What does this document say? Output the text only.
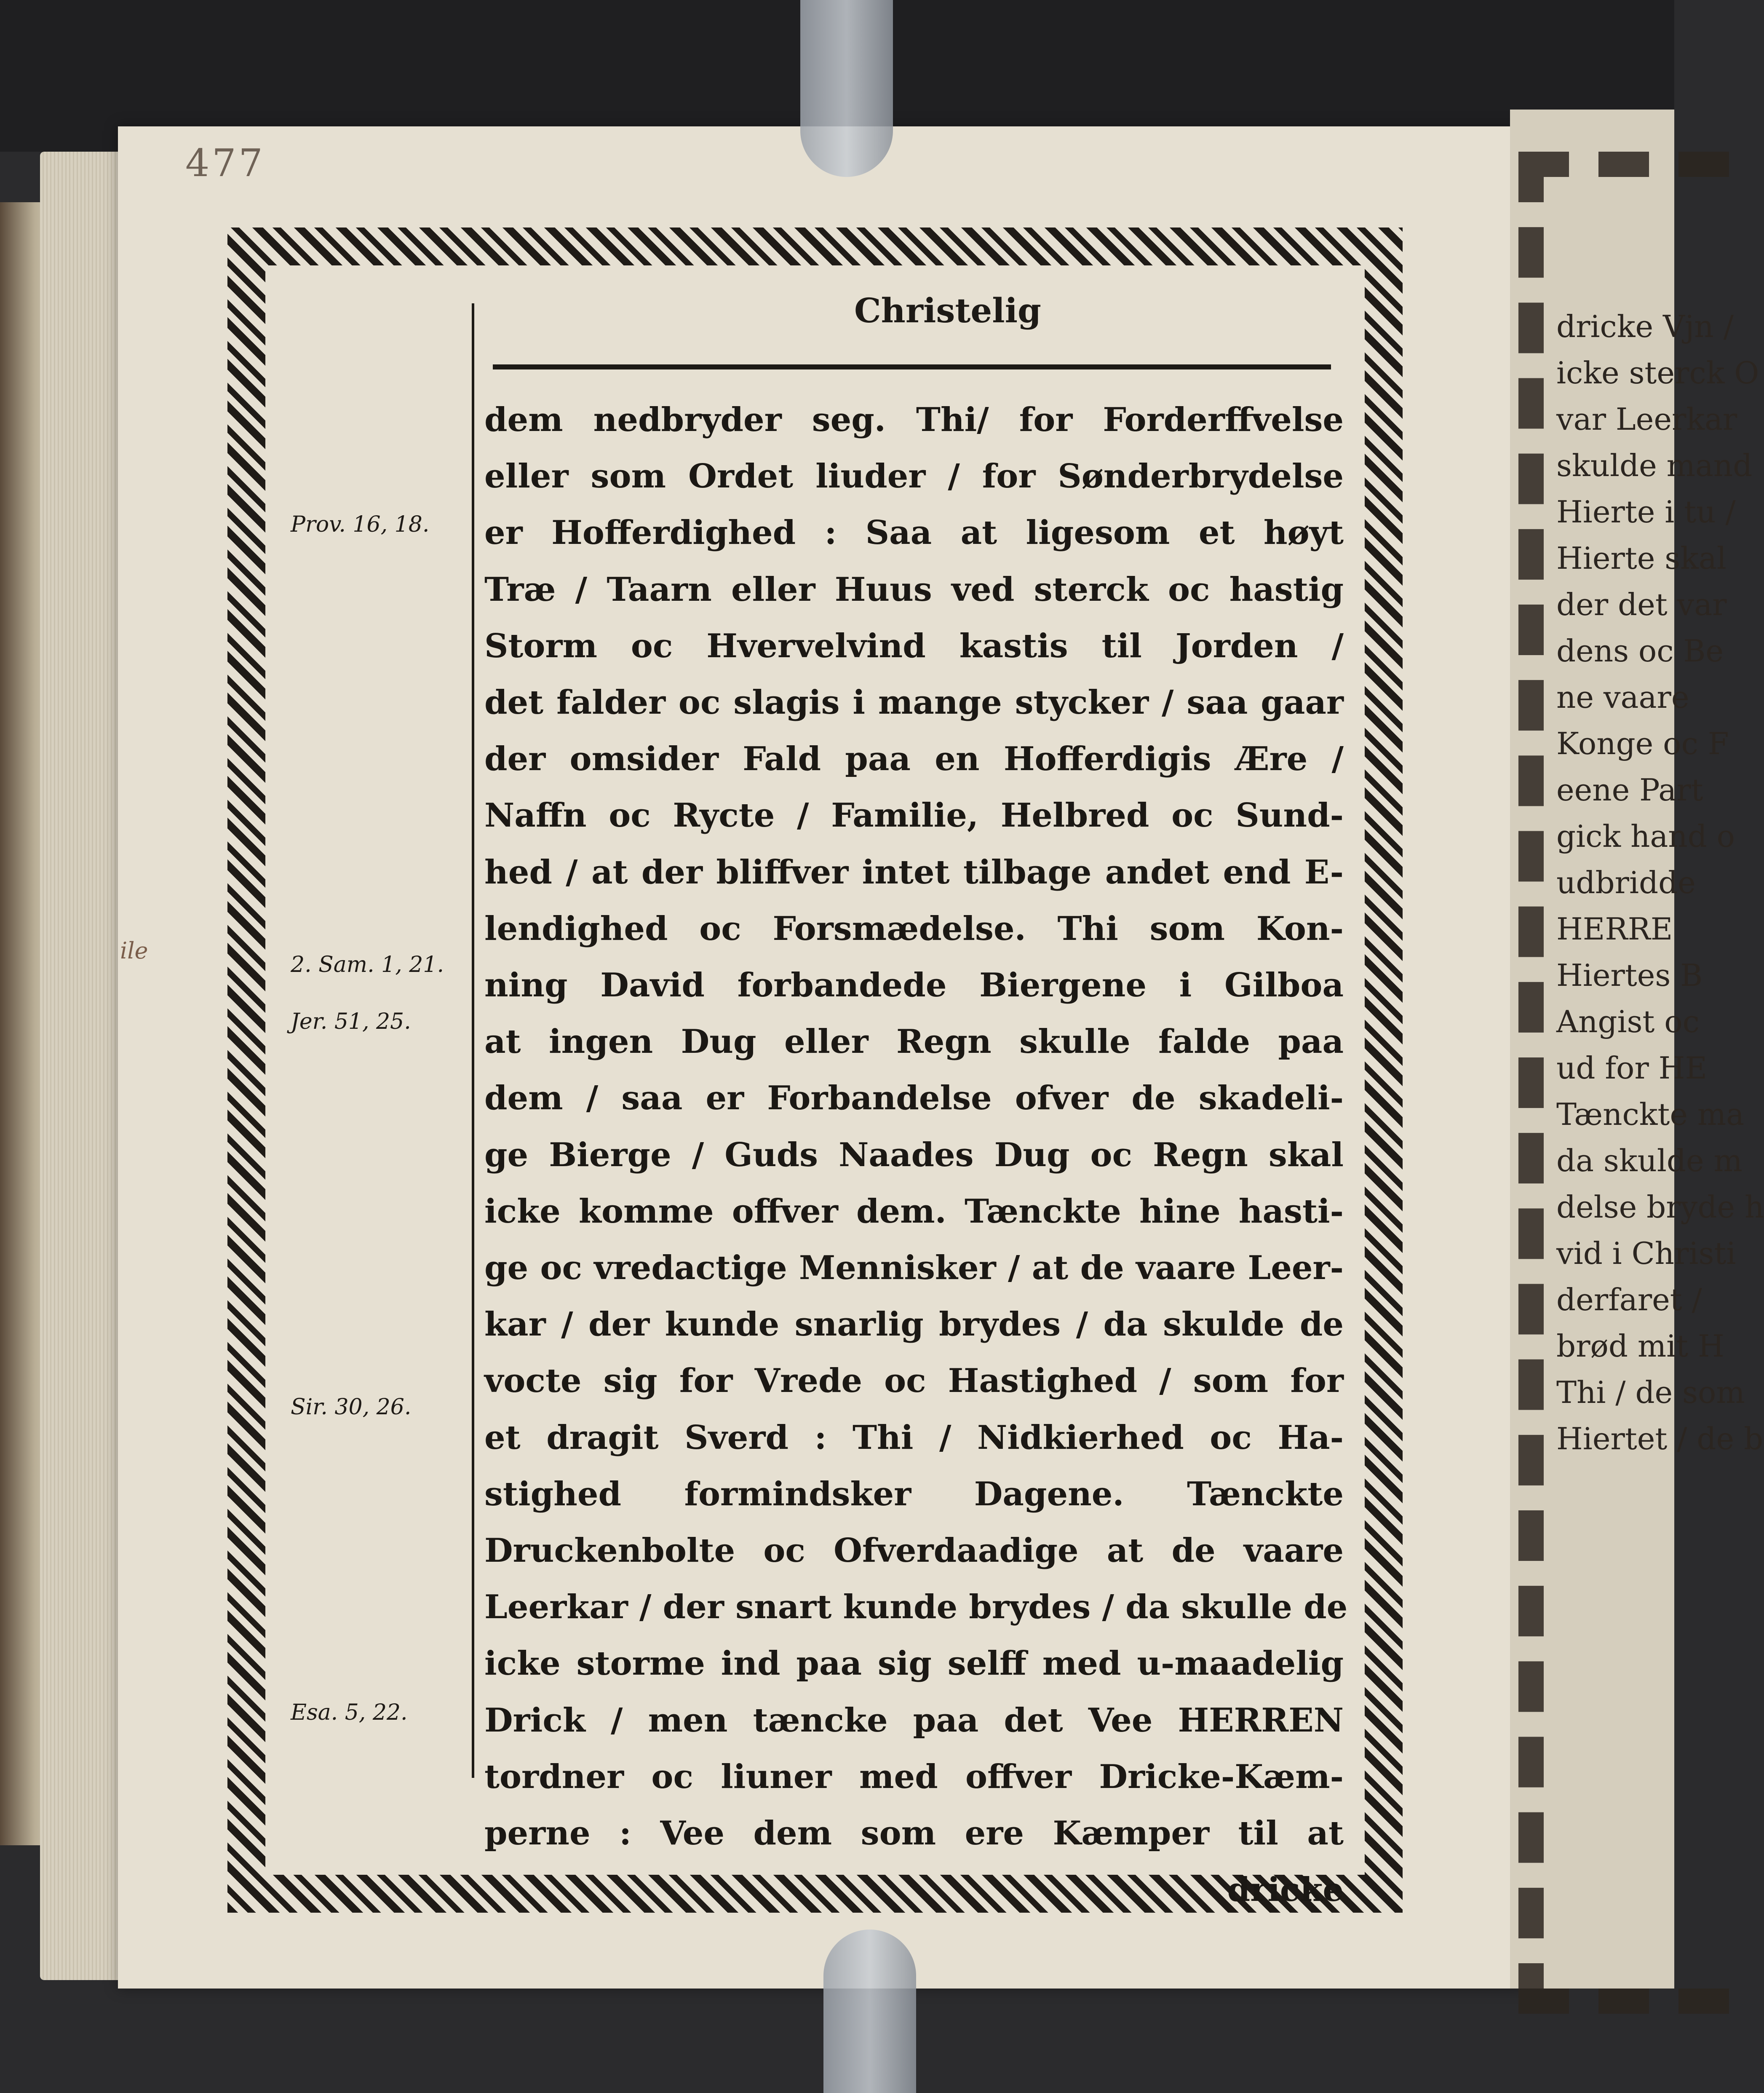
dricke Vjn /
icke sterck O
var Leerkar
skulde mand
Hierte i tu /
Hierte skal
der det var
dens oc Be
ne vaare
Konge oc F
eene Part
gick hand o
udbridde
HERRE
Hiertes B
Angist oc
ud for HE
Tænckte ma
da skulde m
delse bryde h
vid i Christi
derfaret /
brød mit H
Thi / de som
Hiertet / de b
477
ile
Christelig
Prov. 16, 18.
2. Sam. 1, 21.
Jer. 51, 25.
Sir. 30, 26.
Esa. 5, 22.
dem nedbryder seg. Thi/ for Forderffvelse
eller som Ordet liuder / for Sønderbrydelse
er Hofferdighed : Saa at ligesom et høyt
Træ / Taarn eller Huus ved sterck oc hastig
Storm oc Hvervelvind kastis til Jorden /
det falder oc slagis i mange stycker / saa gaar
der omsider Fald paa en Hofferdigis Ære /
Naffn oc Rycte / Familie, Helbred oc Sund-
hed / at der bliffver intet tilbage andet end E-
lendighed oc Forsmædelse. Thi som Kon-
ning David forbandede Biergene i Gilboa
at ingen Dug eller Regn skulle falde paa
dem / saa er Forbandelse ofver de skadeli-
ge Bierge / Guds Naades Dug oc Regn skal
icke komme offver dem. Tænckte hine hasti-
ge oc vredactige Mennisker / at de vaare Leer-
kar / der kunde snarlig brydes / da skulde de
vocte sig for Vrede oc Hastighed / som for
et dragit Sverd : Thi / Nidkierhed oc Ha-
stighed formindsker Dagene. Tænckte
Druckenbolte oc Ofverdaadige at de vaare
Leerkar / der snart kunde brydes / da skulle de
icke storme ind paa sig selff med u-maadelig
Drick / men tæncke paa det Vee HERREN
tordner oc liuner med offver Dricke-Kæm-
perne : Vee dem som ere Kæmper til at
dricke
